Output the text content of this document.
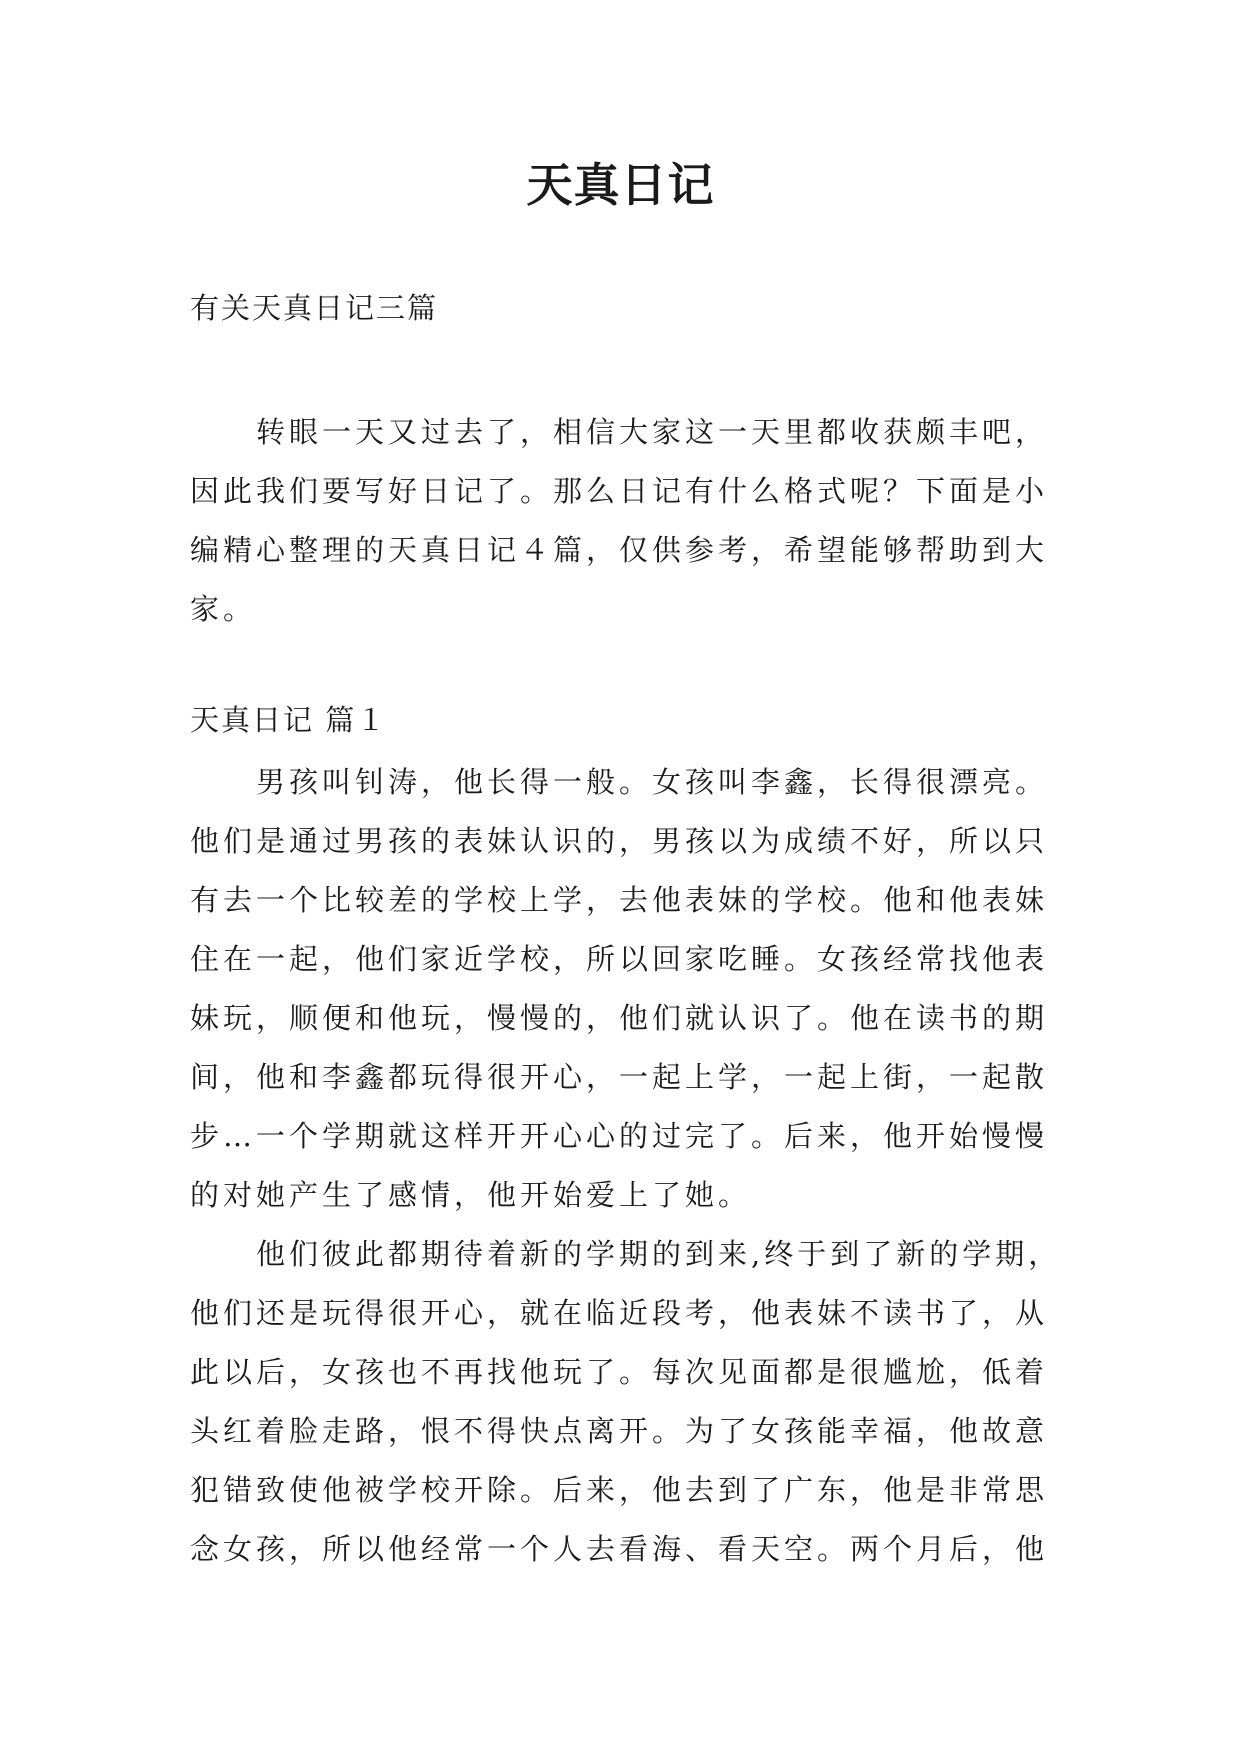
天真日记
有关天真日记三篇
　　转眼一天又过去了，相信大家这一天里都收获颇丰吧，
因此我们要写好日记了。那么日记有什么格式呢？下面是小
编精心整理的天真日记４篇，仅供参考，希望能够帮助到大
家。
天真日记 篇１
　　男孩叫钊涛，他长得一般。女孩叫李鑫，长得很漂亮。
他们是通过男孩的表妹认识的，男孩以为成绩不好，所以只
有去一个比较差的学校上学，去他表妹的学校。他和他表妹
住在一起，他们家近学校，所以回家吃睡。女孩经常找他表
妹玩，顺便和他玩，慢慢的，他们就认识了。他在读书的期
间，他和李鑫都玩得很开心，一起上学，一起上街，一起散
步…一个学期就这样开开心心的过完了。后来，他开始慢慢
的对她产生了感情，他开始爱上了她。
　　他们彼此都期待着新的学期的到来,终于到了新的学期，
他们还是玩得很开心，就在临近段考，他表妹不读书了，从
此以后，女孩也不再找他玩了。每次见面都是很尴尬，低着
头红着脸走路，恨不得快点离开。为了女孩能幸福，他故意
犯错致使他被学校开除。后来，他去到了广东，他是非常思
念女孩，所以他经常一个人去看海、看天空。两个月后，他
